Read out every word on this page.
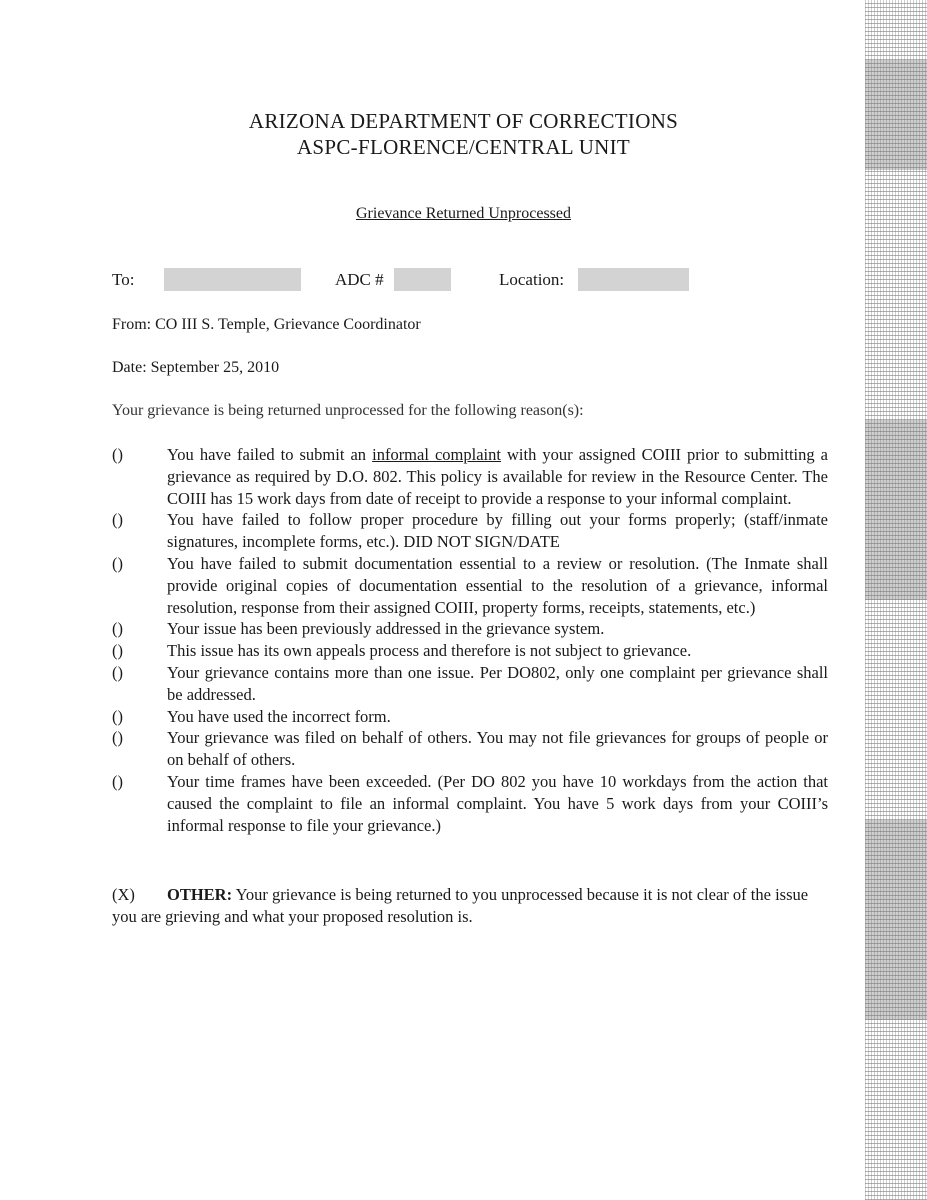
ARIZONA DEPARTMENT OF CORRECTIONS
ASPC-FLORENCE/CENTRAL UNIT
Grievance Returned Unprocessed
To:	ADC #	Location:
From: CO III S. Temple, Grievance Coordinator
Date: September 25, 2010
Your grievance is being returned unprocessed for the following reason(s):
()	You have failed to submit an informal complaint with your assigned COIII prior to submitting a grievance as required by D.O. 802. This policy is available for review in the Resource Center. The COIII has 15 work days from date of receipt to provide a response to your informal complaint.
()	You have failed to follow proper procedure by filling out your forms properly; (staff/inmate signatures, incomplete forms, etc.). DID NOT SIGN/DATE
()	You have failed to submit documentation essential to a review or resolution. (The Inmate shall provide original copies of documentation essential to the resolution of a grievance, informal resolution, response from their assigned COIII, property forms, receipts, statements, etc.)
()	Your issue has been previously addressed in the grievance system.
()	This issue has its own appeals process and therefore is not subject to grievance.
()	Your grievance contains more than one issue. Per DO802, only one complaint per grievance shall be addressed.
()	You have used the incorrect form.
()	Your grievance was filed on behalf of others. You may not file grievances for groups of people or on behalf of others.
()	Your time frames have been exceeded. (Per DO 802 you have 10 workdays from the action that caused the complaint to file an informal complaint. You have 5 work days from your COIII’s informal response to file your grievance.)
(X) OTHER: Your grievance is being returned to you unprocessed because it is not clear of the issue you are grieving and what your proposed resolution is.
